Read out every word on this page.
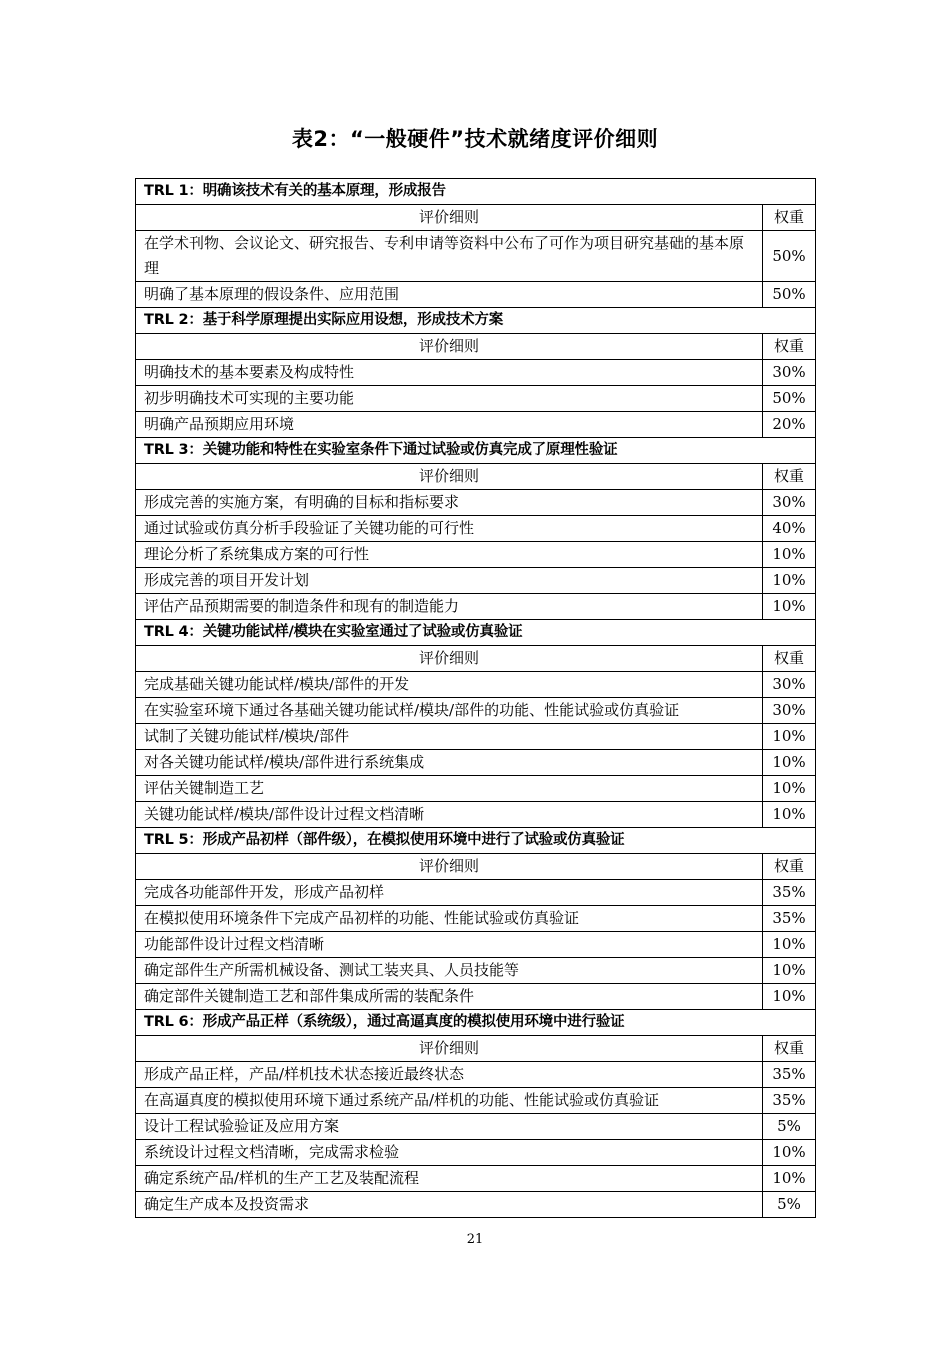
表2：“一般硬件”技术就绪度评价细则
TRL 1：明确该技术有关的基本原理，形成报告	
评价细则	权重
在学术刊物、会议论文、研究报告、专利申请等资料中公布了可作为项目研究基础的基本原理	50%
明确了基本原理的假设条件、应用范围	50%
TRL 2：基于科学原理提出实际应用设想，形成技术方案	
评价细则	权重
明确技术的基本要素及构成特性	30%
初步明确技术可实现的主要功能	50%
明确产品预期应用环境	20%
TRL 3：关键功能和特性在实验室条件下通过试验或仿真完成了原理性验证	
评价细则	权重
形成完善的实施方案，有明确的目标和指标要求	30%
通过试验或仿真分析手段验证了关键功能的可行性	40%
理论分析了系统集成方案的可行性	10%
形成完善的项目开发计划	10%
评估产品预期需要的制造条件和现有的制造能力	10%
TRL 4：关键功能试样/模块在实验室通过了试验或仿真验证	
评价细则	权重
完成基础关键功能试样/模块/部件的开发	30%
在实验室环境下通过各基础关键功能试样/模块/部件的功能、性能试验或仿真验证	30%
试制了关键功能试样/模块/部件	10%
对各关键功能试样/模块/部件进行系统集成	10%
评估关键制造工艺	10%
关键功能试样/模块/部件设计过程文档清晰	10%
TRL 5：形成产品初样（部件级），在模拟使用环境中进行了试验或仿真验证	
评价细则	权重
完成各功能部件开发，形成产品初样	35%
在模拟使用环境条件下完成产品初样的功能、性能试验或仿真验证	35%
功能部件设计过程文档清晰	10%
确定部件生产所需机械设备、测试工装夹具、人员技能等	10%
确定部件关键制造工艺和部件集成所需的装配条件	10%
TRL 6：形成产品正样（系统级），通过高逼真度的模拟使用环境中进行验证	
评价细则	权重
形成产品正样，产品/样机技术状态接近最终状态	35%
在高逼真度的模拟使用环境下通过系统产品/样机的功能、性能试验或仿真验证	35%
设计工程试验验证及应用方案	5%
系统设计过程文档清晰，完成需求检验	10%
确定系统产品/样机的生产工艺及装配流程	10%
确定生产成本及投资需求	5%
21
